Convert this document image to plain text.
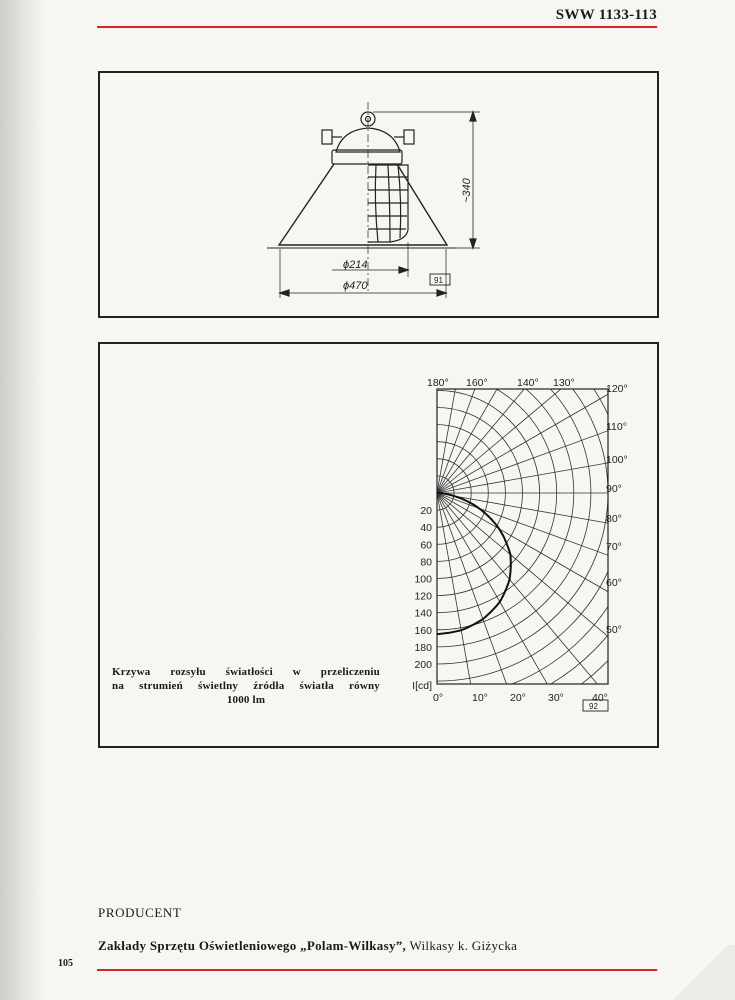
SWW 1133-113
~340
ϕ214
ϕ470	91
180° 160°	140° 130°	120°
110°
100°
90°
80°
70°
60°
50°
0°	10° 20° 30°	40°
20
40
60
80
100
120
140
160
180
200
I[cd]
92
Krzywa rozsyłu światłości w przeliczeniu
na strumień świetlny źródła światła równy
1000 lm
PRODUCENT
Zakłady Sprzętu Oświetleniowego „Polam-Wilkasy”, Wilkasy k. Giżycka
105
